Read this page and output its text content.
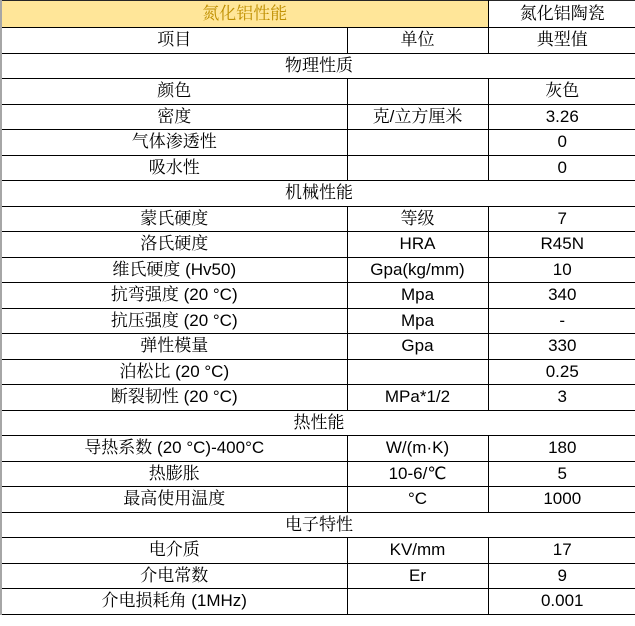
氮化铝性能		氮化铝陶瓷
项目	单位	典型值
物理性质		
颜色		灰色
密度	克/立方厘米	3.26
气体渗透性		0
吸水性		0
机械性能		
蒙氏硬度	等级	7
洛氏硬度	HRA	R45N
维氏硬度 (Hv50)	Gpa(kg/mm)	10
抗弯强度 (20 °C)	Mpa	340
抗压强度 (20 °C)	Mpa	-
弹性模量	Gpa	330
泊松比 (20 °C)		0.25
断裂韧性 (20 °C)	MPa*1/2	3
热性能		
导热系数 (20 °C)-400°C	W/(m·K)	180
热膨胀	10-6/℃	5
最高使用温度	°C	1000
电子特性		
电介质	KV/mm	17
介电常数	Er	9
介电损耗角 (1MHz)		0.001
